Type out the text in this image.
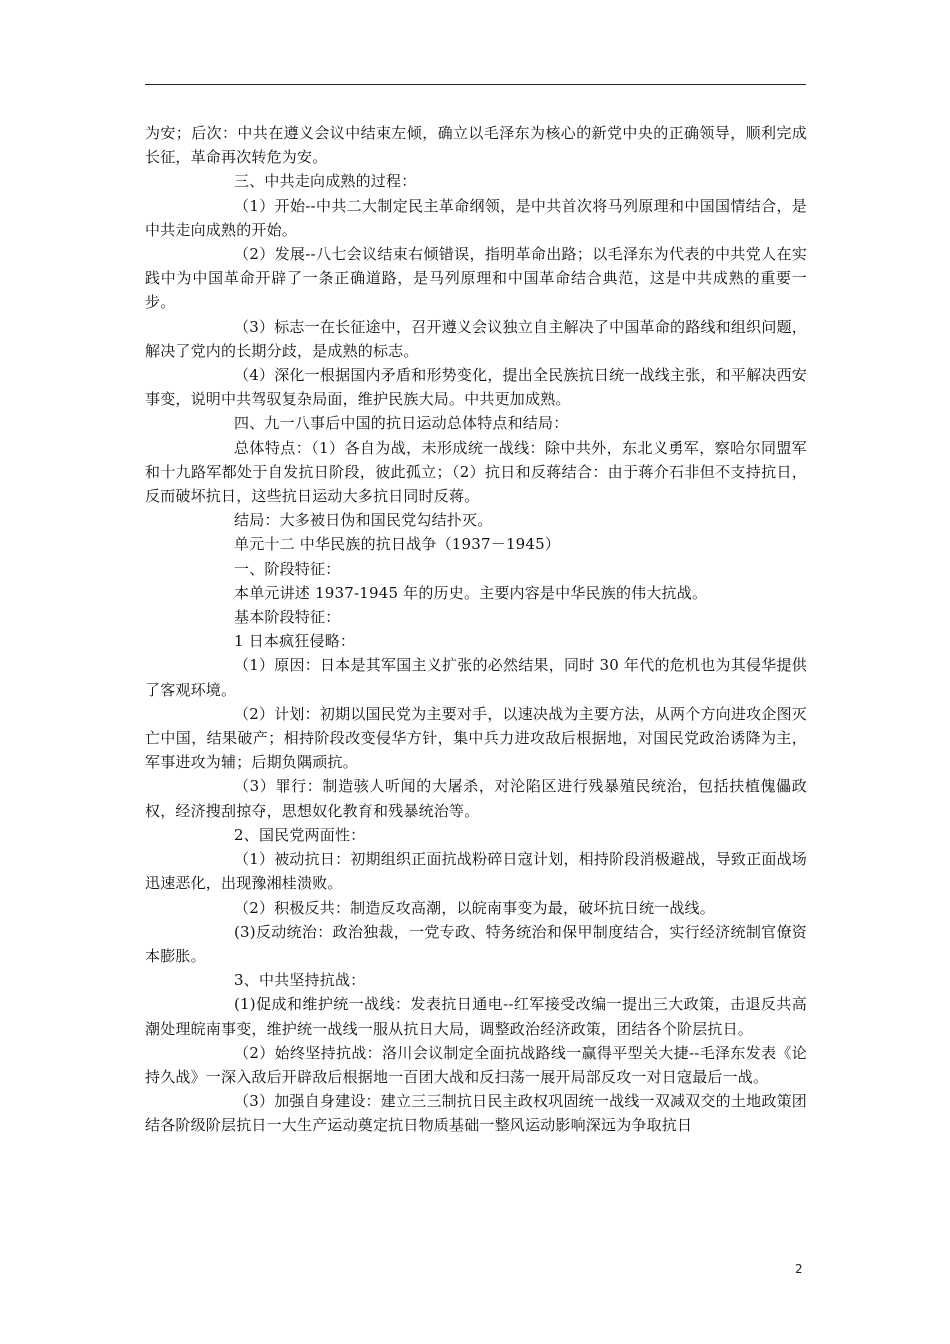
为安；后次：中共在遵义会议中结束左倾，确立以毛泽东为核心的新党中央的正确领导，顺利完成长征，革命再次转危为安。

三、中共走向成熟的过程：

（1）开始--中共二大制定民主革命纲领，是中共首次将马列原理和中国国情结合，是中共走向成熟的开始。

（2）发展--八七会议结束右倾错误，指明革命出路；以毛泽东为代表的中共党人在实践中为中国革命开辟了一条正确道路，是马列原理和中国革命结合典范，这是中共成熟的重要一步。

（3）标志一在长征途中，召开遵义会议独立自主解决了中国革命的路线和组织问题，解决了党内的长期分歧，是成熟的标志。

（4）深化一根据国内矛盾和形势变化，提出全民族抗日统一战线主张，和平解决西安事变，说明中共驾驭复杂局面，维护民族大局。中共更加成熟。

四、九一八事后中国的抗日运动总体特点和结局：

总体特点：（1）各自为战，未形成统一战线：除中共外，东北义勇军，察哈尔同盟军和十九路军都处于自发抗日阶段，彼此孤立；（2）抗日和反蒋结合：由于蒋介石非但不支持抗日，反而破坏抗日，这些抗日运动大多抗日同时反蒋。

结局：大多被日伪和国民党勾结扑灭。

单元十二 中华民族的抗日战争（1937－1945）

一、阶段特征：

本单元讲述 1937-1945 年的历史。主要内容是中华民族的伟大抗战。

基本阶段特征：

1 日本疯狂侵略：

（1）原因：日本是其军国主义扩张的必然结果，同时 30 年代的危机也为其侵华提供了客观环境。

（2）计划：初期以国民党为主要对手，以速决战为主要方法，从两个方向进攻企图灭亡中国，结果破产；相持阶段改变侵华方针，集中兵力进攻敌后根据地，对国民党政治诱降为主，军事进攻为辅；后期负隅顽抗。

（3）罪行：制造骇人听闻的大屠杀，对沦陷区进行残暴殖民统治，包括扶植傀儡政权，经济搜刮掠夺，思想奴化教育和残暴统治等。

2、国民党两面性：

（1）被动抗日：初期组织正面抗战粉碎日寇计划，相持阶段消极避战，导致正面战场迅速恶化，出现豫湘桂溃败。

（2）积极反共：制造反攻高潮，以皖南事变为最，破坏抗日统一战线。

(3)反动统治：政治独裁，一党专政、特务统治和保甲制度结合，实行经济统制官僚资本膨胀。

3、中共坚持抗战：

(1)促成和维护统一战线：发表抗日通电--红军接受改编一提出三大政策，击退反共高潮处理皖南事变，维护统一战线一服从抗日大局，调整政治经济政策，团结各个阶层抗日。

（2）始终坚持抗战：洛川会议制定全面抗战路线一赢得平型关大捷--毛泽东发表《论持久战》一深入敌后开辟敌后根据地一百团大战和反扫荡一展开局部反攻一对日寇最后一战。

（3）加强自身建设：建立三三制抗日民主政权巩固统一战线一双减双交的土地政策团结各阶级阶层抗日一大生产运动奠定抗日物质基础一整风运动影响深远为争取抗日

2
